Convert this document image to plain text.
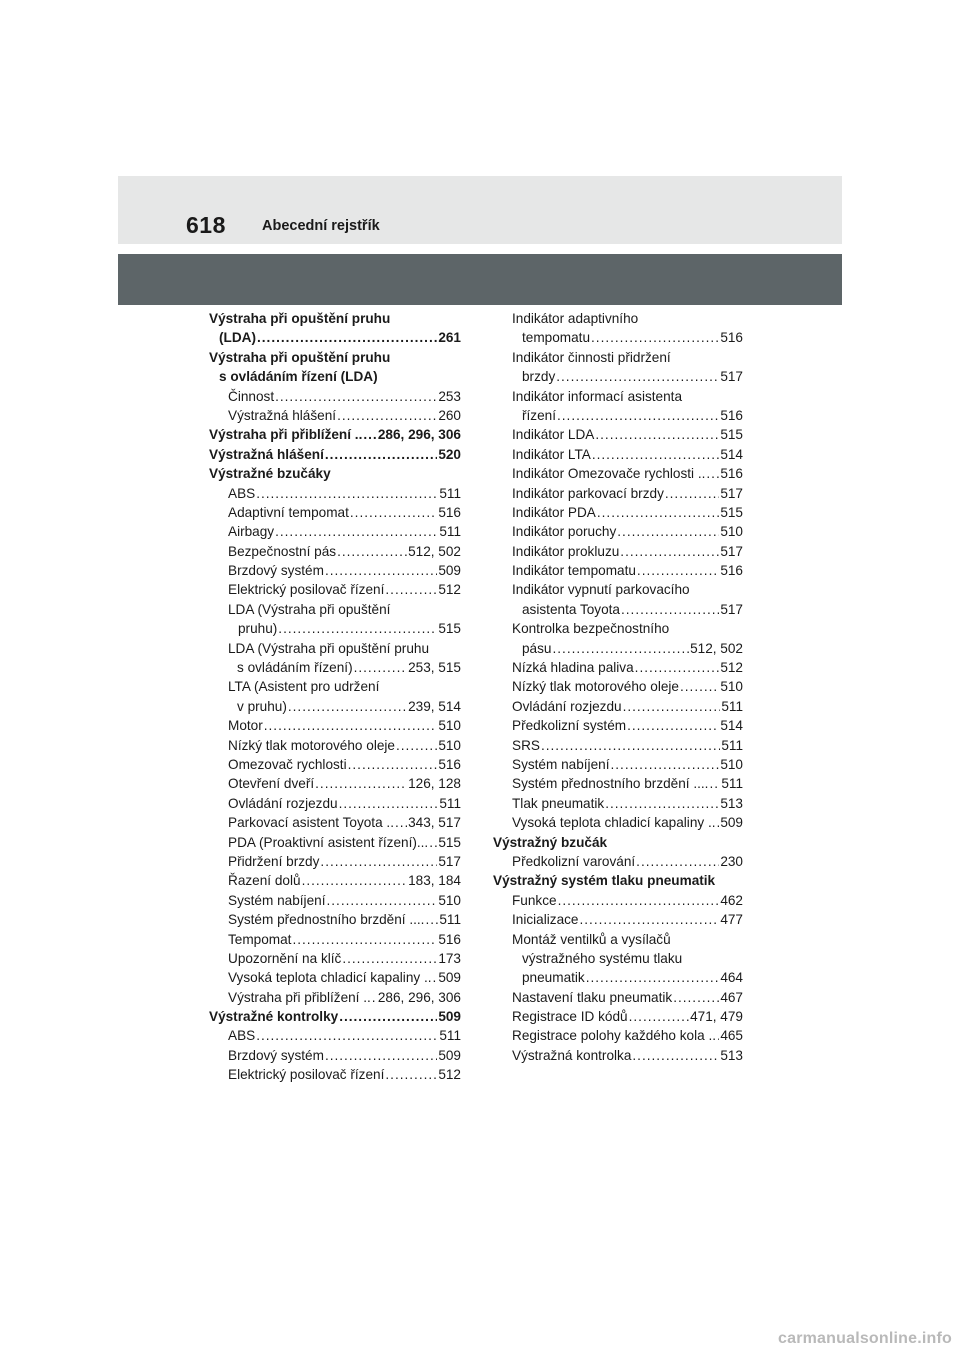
618 Abecední rejstřík
Výstraha při opuštění pruhu
(LDA) .....	261
Výstraha při opuštění pruhu
s ovládáním řízení (LDA)
Činnost .....	253
Výstražná hlášení .....	260
Výstraha při přiblížení .. ..... 286, 296, 306
Výstražná hlášení .....	520
Výstražné bzučáky
ABS .....	511
Adaptivní tempomat .....	516
Airbagy .....	511
Bezpečnostní pás .....	512, 502
Brzdový systém .....	509
Elektrický posilovač řízení .....	512
LDA (Výstraha při opuštění
pruhu) .....	515
LDA (Výstraha při opuštění pruhu
s ovládáním řízení) .....	253, 515
LTA (Asistent pro udržení
v pruhu) .....	239, 514
Motor .....	510
Nízký tlak motorového oleje .....	510
Omezovač rychlosti .....	516
Otevření dveří .....	126, 128
Ovládání rozjezdu .....	511
Parkovací asistent Toyota .. ..... 343, 517
PDA (Proaktivní asistent řízení)... ..... 515
Přidržení brzdy .....	517
Řazení dolů .....	183, 184
Systém nabíjení .....	510
Systém přednostního brzdění .... ..... 511
Tempomat .....	516
Upozornění na klíč .....	173
Vysoká teplota chladicí kapaliny .. ..... 509
Výstraha při přiblížení .. ..... 286, 296, 306
Výstražné kontrolky .....	509
ABS .....	511
Brzdový systém .....	509
Elektrický posilovač řízení .....	512
Indikátor adaptivního
tempomatu .....	516
Indikátor činnosti přidržení
brzdy .....	517
Indikátor informací asistenta
řízení .....	516
Indikátor LDA .....	515
Indikátor LTA .....	514
Indikátor Omezovače rychlosti .. ..... 516
Indikátor parkovací brzdy .....	517
Indikátor PDA .....	515
Indikátor poruchy .....	510
Indikátor prokluzu .....	517
Indikátor tempomatu .....	516
Indikátor vypnutí parkovacího
asistenta Toyota .....	517
Kontrolka bezpečnostního
pásu .....	512, 502
Nízká hladina paliva .....	512
Nízký tlak motorového oleje .....	510
Ovládání rozjezdu .....	511
Předkolizní systém .....	514
SRS .....	511
Systém nabíjení .....	510
Systém přednostního brzdění .... ..... 511
Tlak pneumatik .....	513
Vysoká teplota chladicí kapaliny .. ..... 509
Výstražný bzučák
Předkolizní varování .....	230
Výstražný systém tlaku pneumatik
Funkce .....	462
Inicializace .....	477
Montáž ventilků a vysílačů
výstražného systému tlaku
pneumatik .....	464
Nastavení tlaku pneumatik .....	467
Registrace ID kódů .....	471, 479
Registrace polohy každého kola .. ..... 465
Výstražná kontrolka .....	513
carmanualsonline.info
